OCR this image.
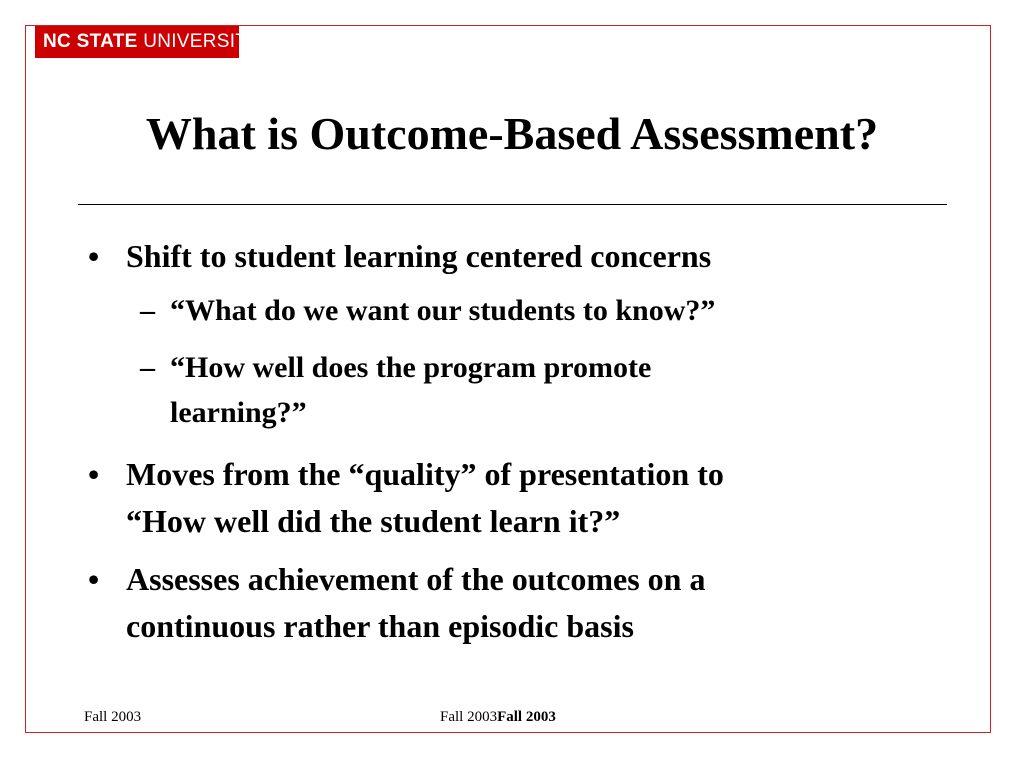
NC STATE UNIVERSITY
What is Outcome-Based Assessment?
• Shift to student learning centered concerns
– “What do we want our students to know?”
– “How well does the program promote
learning?”
• Moves from the “quality” of presentation to
“How well did the student learn it?”
• Assesses achievement of the outcomes on a
continuous rather than episodic basis
Fall 2003	Fall 2003Fall 2003
